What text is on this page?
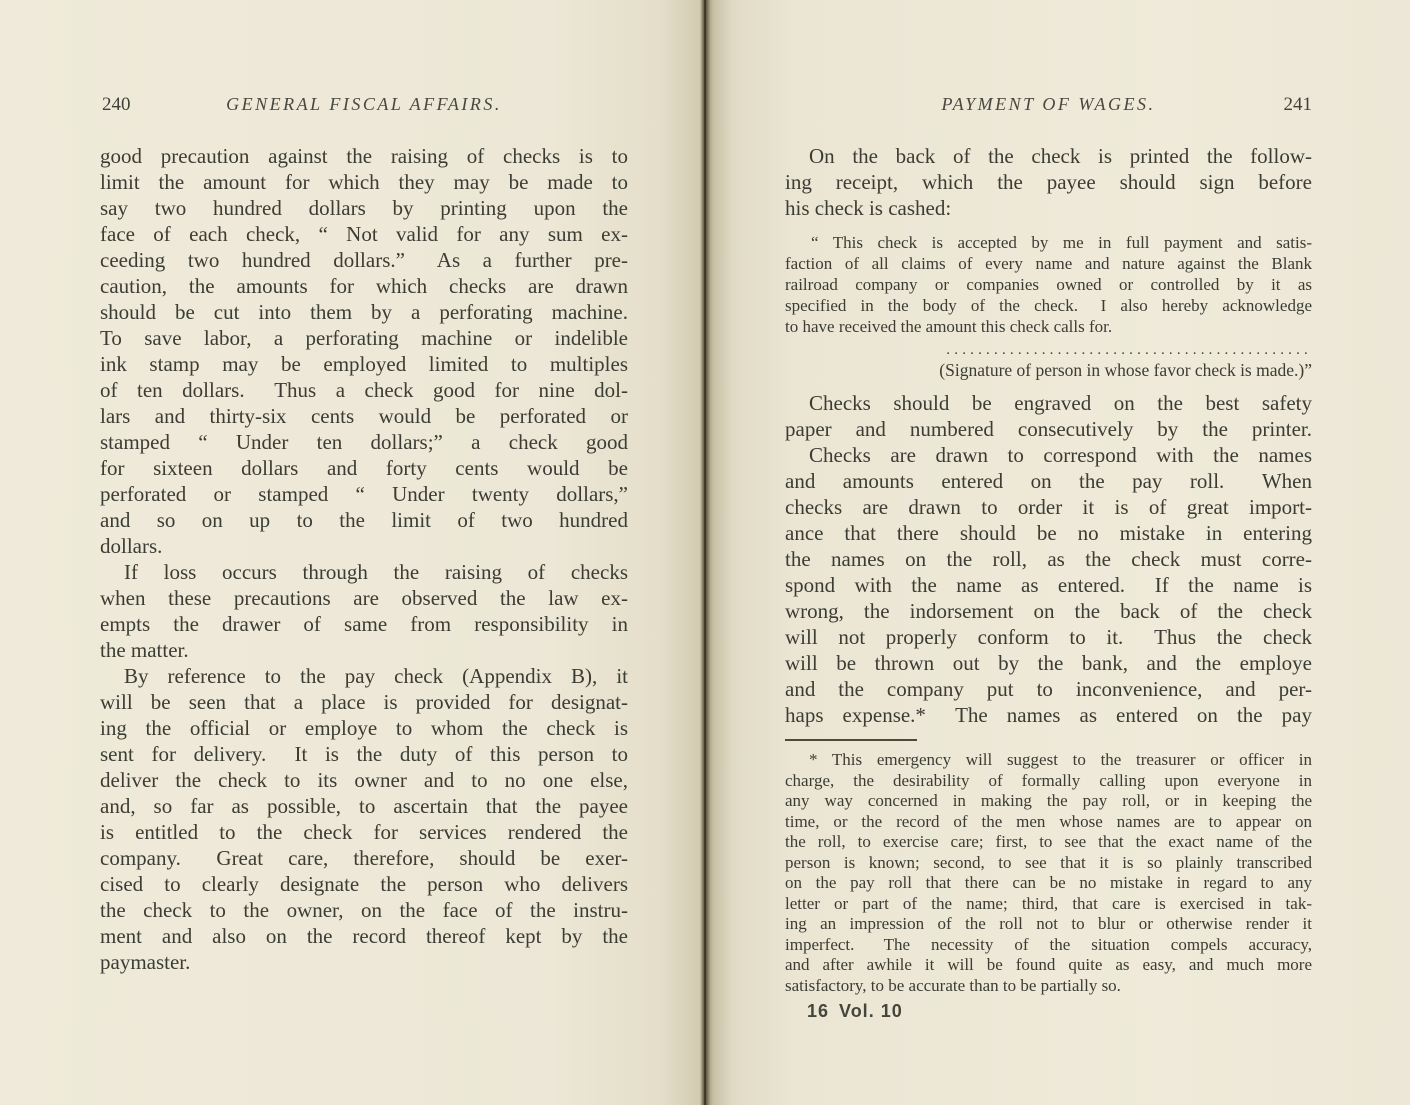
240	GENERAL FISCAL AFFAIRS.
good precaution against the raising of checks is to
limit the amount for which they may be made to
say two hundred dollars by printing upon the
face of each check, “ Not valid for any sum ex-
ceeding two hundred dollars.”  As a further pre-
caution, the amounts for which checks are drawn
should be cut into them by a perforating machine.
To save labor, a perforating machine or indelible
ink stamp may be employed limited to multiples
of ten dollars.  Thus a check good for nine dol-
lars and thirty-six cents would be perforated or
stamped “ Under ten dollars;” a check good
for sixteen dollars and forty cents would be
perforated or stamped “ Under twenty dollars,”
and so on up to the limit of two hundred
dollars.
If loss occurs through the raising of checks
when these precautions are observed the law ex-
empts the drawer of same from responsibility in
the matter.
By reference to the pay check (Appendix B), it
will be seen that a place is provided for designat-
ing the official or employe to whom the check is
sent for delivery.  It is the duty of this person to
deliver the check to its owner and to no one else,
and, so far as possible, to ascertain that the payee
is entitled to the check for services rendered the
company.  Great care, therefore, should be exer-
cised to clearly designate the person who delivers
the check to the owner, on the face of the instru-
ment and also on the record thereof kept by the
paymaster.
PAYMENT OF WAGES.	241
On the back of the check is printed the follow-
ing receipt, which the payee should sign before
his check is cashed:
“ This check is accepted by me in full payment and satis-
faction of all claims of every name and nature against the Blank
railroad company or companies owned or controlled by it as
specified in the body of the check.  I also hereby acknowledge
to have received the amount this check calls for.
..............................................
(Signature of person in whose favor check is made.)”
Checks should be engraved on the best safety
paper and numbered consecutively by the printer.
Checks are drawn to correspond with the names
and amounts entered on the pay roll.  When
checks are drawn to order it is of great import-
ance that there should be no mistake in entering
the names on the roll, as the check must corre-
spond with the name as entered.  If the name is
wrong, the indorsement on the back of the check
will not properly conform to it.  Thus the check
will be thrown out by the bank, and the employe
and the company put to inconvenience, and per-
haps expense.*  The names as entered on the pay
* This emergency will suggest to the treasurer or officer in
charge, the desirability of formally calling upon everyone in
any way concerned in making the pay roll, or in keeping the
time, or the record of the men whose names are to appear on
the roll, to exercise care; first, to see that the exact name of the
person is known; second, to see that it is so plainly transcribed
on the pay roll that there can be no mistake in regard to any
letter or part of the name; third, that care is exercised in tak-
ing an impression of the roll not to blur or otherwise render it
imperfect.  The necessity of the situation compels accuracy,
and after awhile it will be found quite as easy, and much more
satisfactory, to be accurate than to be partially so.
16 Vol. 10
